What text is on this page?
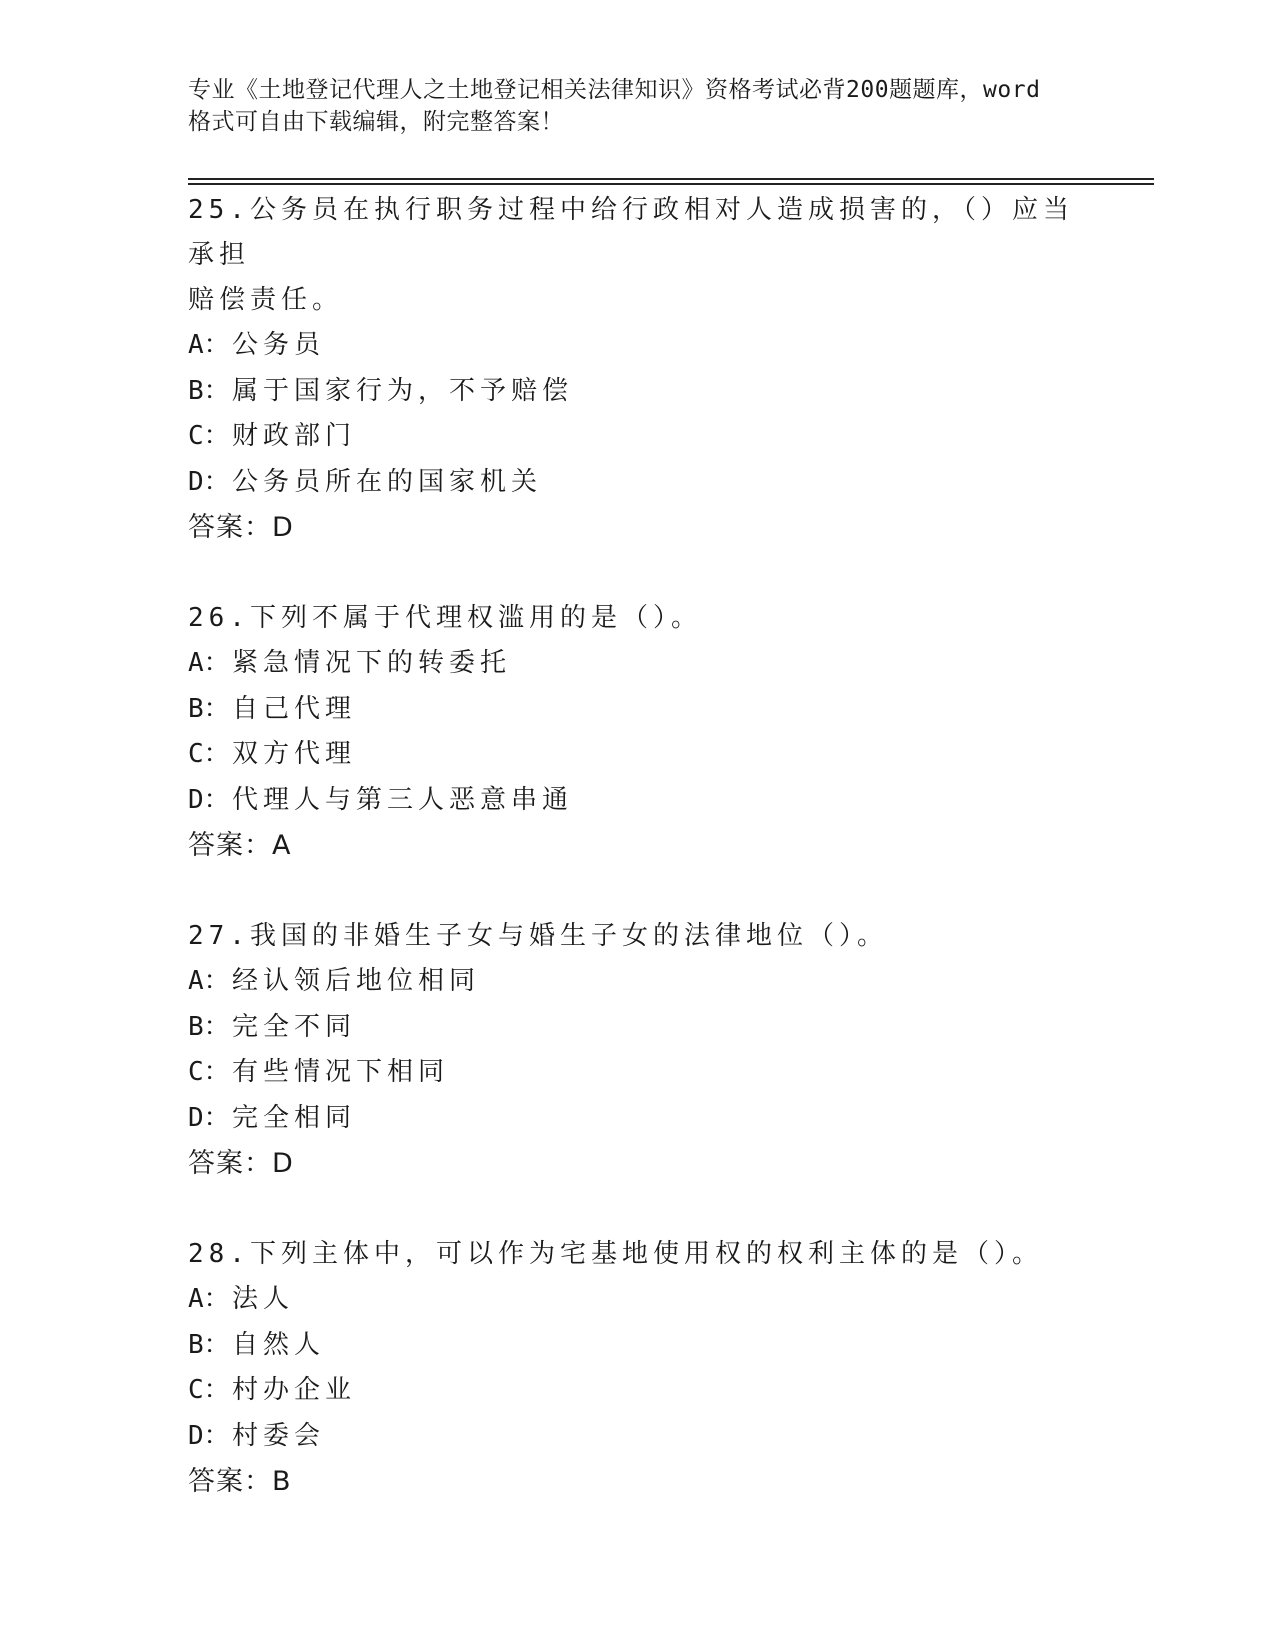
专业《土地登记代理人之土地登记相关法律知识》资格考试必背200题题库，word
格式可自由下载编辑，附完整答案！
25.公务员在执行职务过程中给行政相对人造成损害的，（）应当承担
赔偿责任。
A：公务员
B：属于国家行为，不予赔偿
C：财政部门
D：公务员所在的国家机关
答案：D
26.下列不属于代理权滥用的是（）。
A：紧急情况下的转委托
B：自己代理
C：双方代理
D：代理人与第三人恶意串通
答案：A
27.我国的非婚生子女与婚生子女的法律地位（）。
A：经认领后地位相同
B：完全不同
C：有些情况下相同
D：完全相同
答案：D
28.下列主体中，可以作为宅基地使用权的权利主体的是（）。
A：法人
B：自然人
C：村办企业
D：村委会
答案：B
